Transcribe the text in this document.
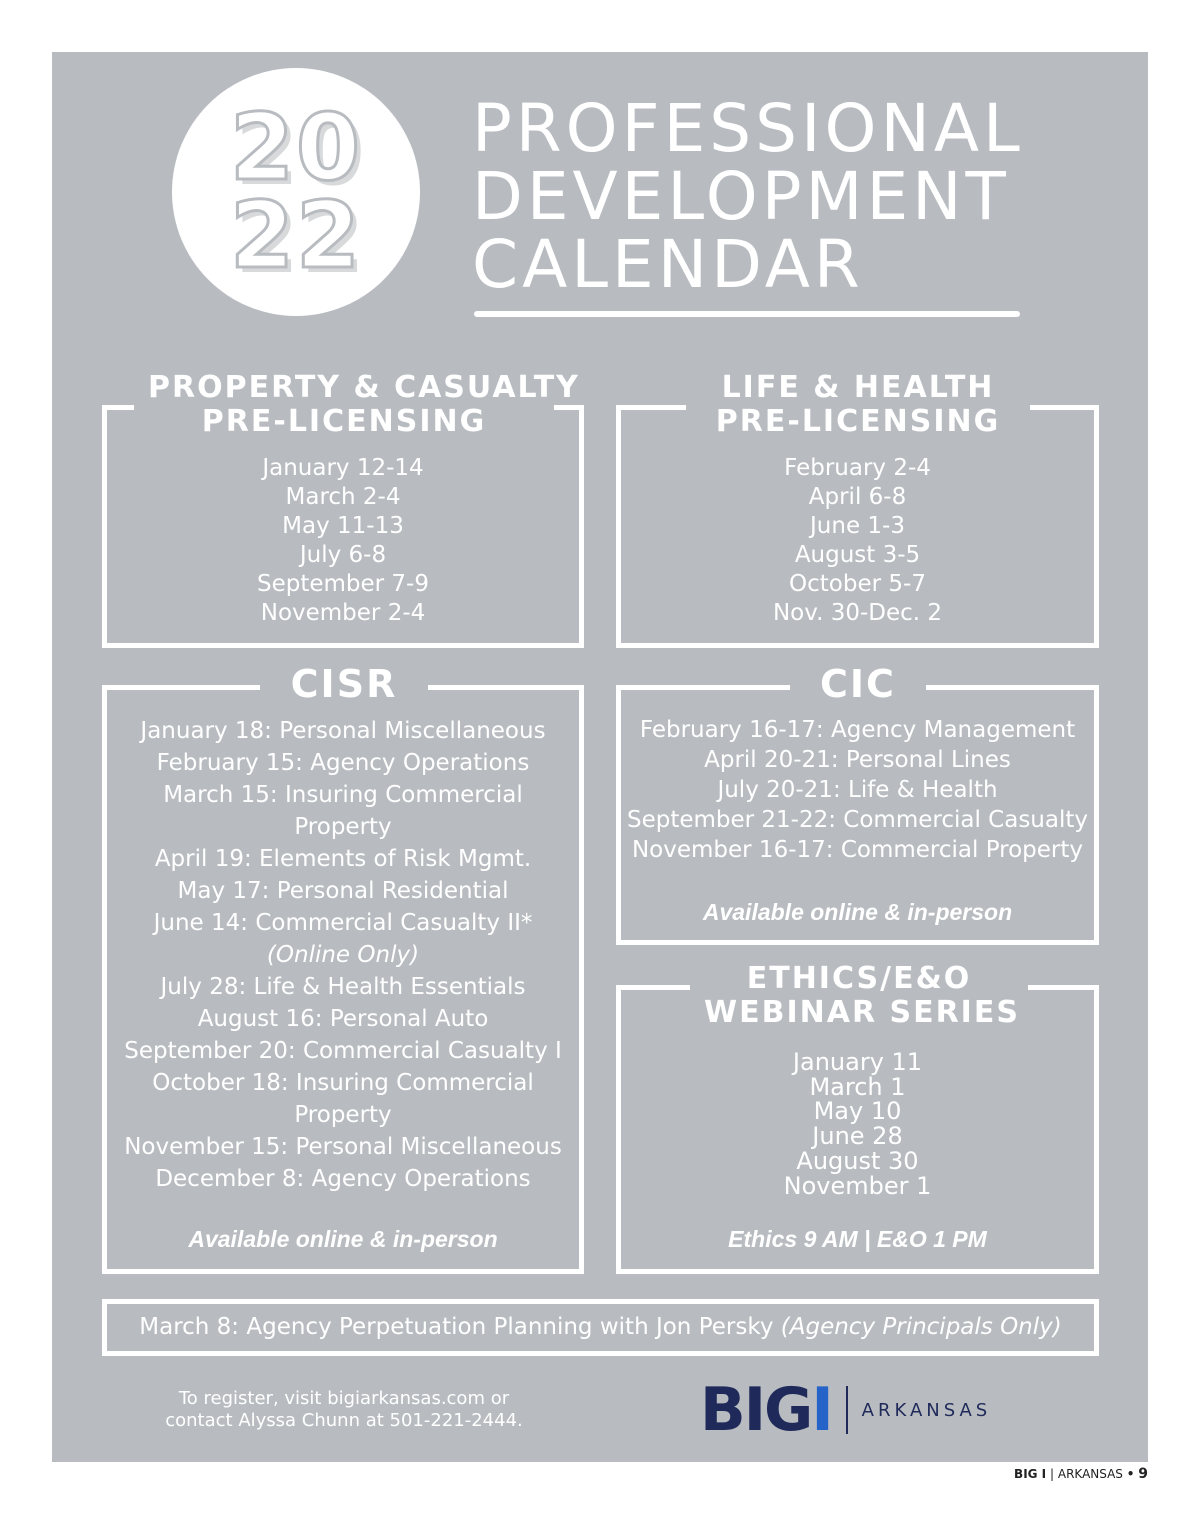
20
22
PROFESSIONAL
DEVELOPMENT
CALENDAR
January 12-14
March 2-4
May 11-13
July 6-8
September 7-9
November 2-4
PROPERTY & CASUALTY
PRE-LICENSING
February 2-4
April 6-8
June 1-3
August 3-5
October 5-7
Nov. 30-Dec. 2
LIFE & HEALTH
PRE-LICENSING
January 18: Personal Miscellaneous
February 15: Agency Operations
March 15: Insuring Commercial
Property
April 19: Elements of Risk Mgmt.
May 17: Personal Residential
June 14: Commercial Casualty II*
(Online Only)
July 28: Life & Health Essentials
August 16: Personal Auto
September 20: Commercial Casualty I
October 18: Insuring Commercial
Property
November 15: Personal Miscellaneous
December 8: Agency Operations
Available online & in-person
CISR
February 16-17: Agency Management
April 20-21: Personal Lines
July 20-21: Life & Health
September 21-22: Commercial Casualty
November 16-17: Commercial Property
Available online & in-person
CIC
January 11
March 1
May 10
June 28
August 30
November 1
Ethics 9 AM | E&O 1 PM
ETHICS/E&O
WEBINAR SERIES
March 8: Agency Perpetuation Planning with Jon Persky (Agency Principals Only)
To register, visit bigiarkansas.com or
contact Alyssa Chunn at 501-221-2444.	BIG I ARKANSAS
BIG I | ARKANSAS • 9
